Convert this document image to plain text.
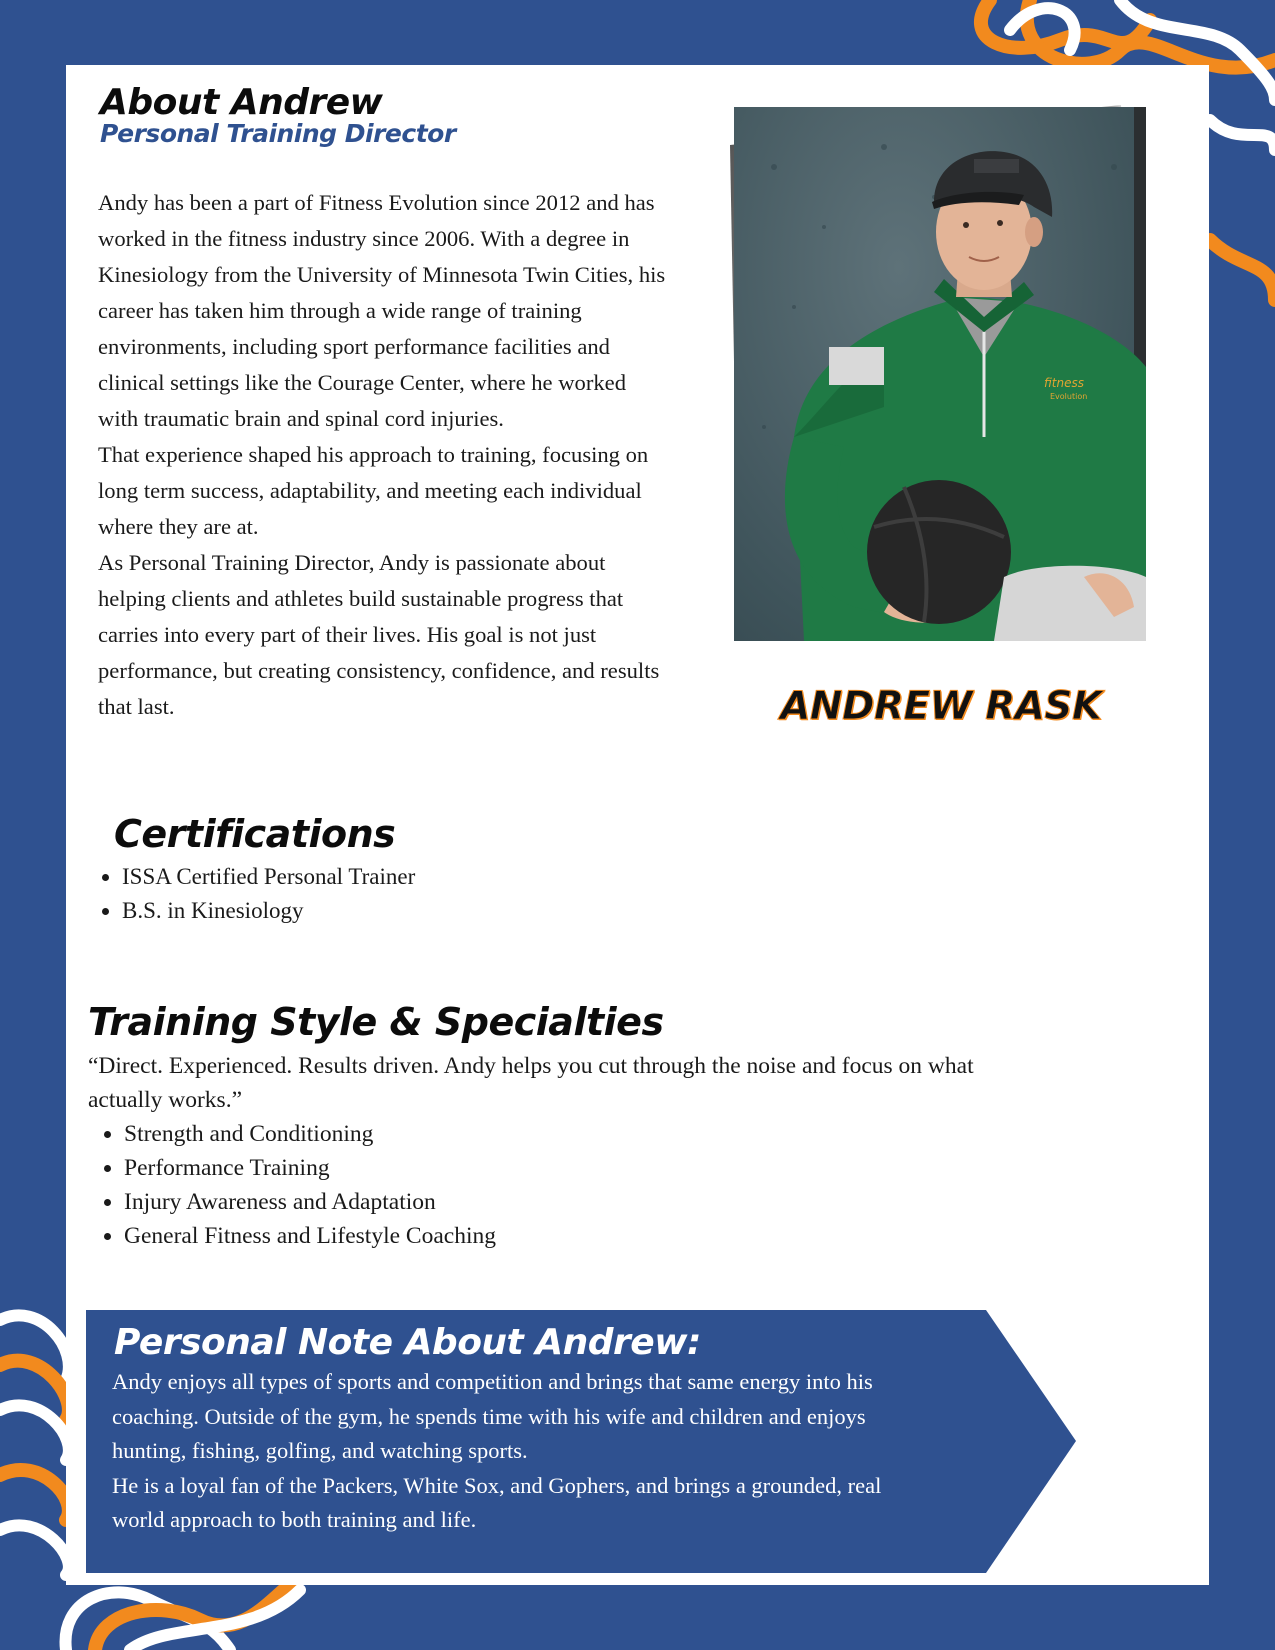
About Andrew
Personal Training Director

Andy has been a part of Fitness Evolution since 2012 and has worked in the fitness industry since 2006. With a degree in Kinesiology from the University of Minnesota Twin Cities, his career has taken him through a wide range of training environments, including sport performance facilities and clinical settings like the Courage Center, where he worked with traumatic brain and spinal cord injuries.

That experience shaped his approach to training, focusing on long term success, adaptability, and meeting each individual where they are at.

As Personal Training Director, Andy is passionate about helping clients and athletes build sustainable progress that carries into every part of their lives. His goal is not just performance, but creating consistency, confidence, and results that last.

fitness
Evolution
ANDREW RASK
Certifications
• ISSA Certified Personal Trainer
• B.S. in Kinesiology
Training Style & Specialties

“Direct. Experienced. Results driven. Andy helps you cut through the noise and focus on what actually works.”

• Strength and Conditioning
• Performance Training
• Injury Awareness and Adaptation
• General Fitness and Lifestyle Coaching
Personal Note About Andrew:

Andy enjoys all types of sports and competition and brings that same energy into his coaching. Outside of the gym, he spends time with his wife and children and enjoys hunting, fishing, golfing, and watching sports.

He is a loyal fan of the Packers, White Sox, and Gophers, and brings a grounded, real world approach to both training and life.
